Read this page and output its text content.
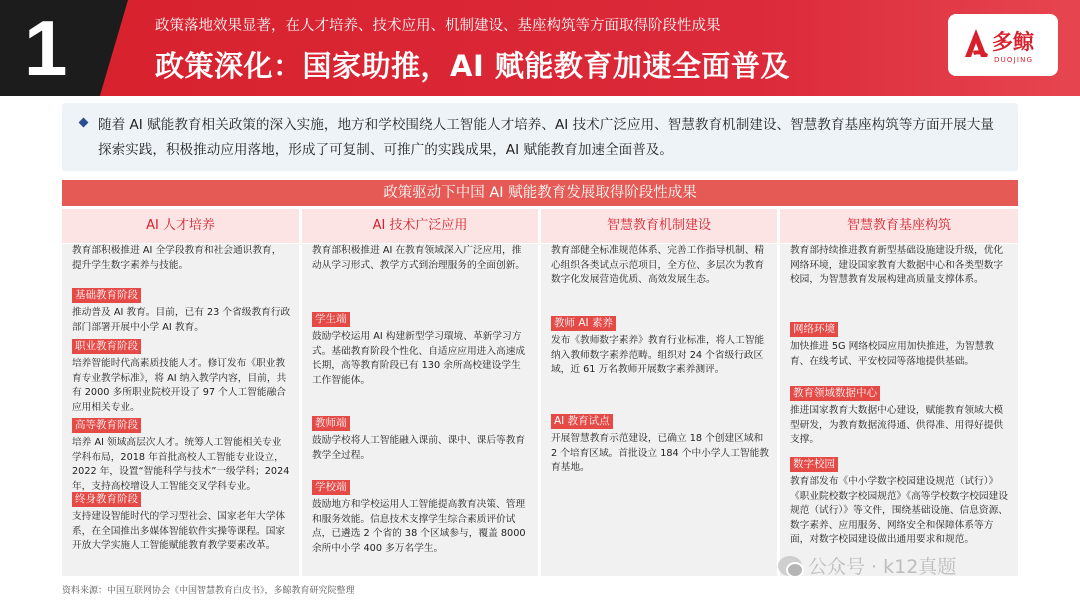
1	政策落地效果显著，在人才培养、技术应用、机制建设、基座构筑等方面取得阶段性成果
政策深化：国家助推，AI 赋能教育加速全面普及
多鲸
DUOJING
随着 AI 赋能教育相关政策的深入实施，地方和学校围绕人工智能人才培养、AI 技术广泛应用、智慧教育机制建设、智慧教育基座构筑等方面开展大量探索实践，积极推动应用落地，形成了可复制、可推广的实践成果，AI 赋能教育加速全面普及。
政策驱动下中国 AI 赋能教育发展取得阶段性成果
AI 人才培养	AI 技术广泛应用	智慧教育机制建设	智慧教育基座构筑

教育部积极推进 AI 全学段教育和社会通识教育，提升学生数字素养与技能。

基础教育阶段

推动普及 AI 教育。目前，已有 23 个省级教育行政部门部署开展中小学 AI 教育。

职业教育阶段

培养智能时代高素质技能人才。修订发布《职业教育专业教学标准》，将 AI 纳入教学内容，目前，共有 2000 多所职业院校开设了 97 个人工智能融合应用相关专业。

高等教育阶段

培养 AI 领域高层次人才。统筹人工智能相关专业学科布局，2018 年首批高校人工智能专业设立，2022 年，设置“智能科学与技术”一级学科；2024 年，支持高校增设人工智能交叉学科专业。

终身教育阶段

支持建设智能时代的学习型社会、国家老年大学体系，在全国推出多媒体智能软件实操等课程。国家开放大学实施人工智能赋能教育教学要素改革。

教育部积极推进 AI 在教育领域深入广泛应用，推动从学习形式、教学方式到治理服务的全面创新。

学生端

鼓励学校运用 AI 构建新型学习環境、革新学习方式。基础教育阶段个性化、自适应应用进入高速成长期，高等教育阶段已有 130 余所高校建设学生工作智能体。

教师端

鼓励学校将人工智能融入课前、课中、课后等教育教学全过程。

学校端

鼓励地方和学校运用人工智能提高教育决策、管理和服务效能。信息技术支撑学生综合素质评价试点，已遴选 2 个省的 38 个区域参与，覆盖 8000 余所中小学 400 多万名学生。

教育部健全标准规范体系、完善工作指导机制、精心组织各类试点示范项目，全方位、多层次为教育数字化发展营造优质、高效发展生态。

教师 AI 素养

发布《教师数字素养》教育行业标准，将人工智能纳入教师数字素养范畴。组织对 24 个省级行政区域，近 61 万名教师开展数字素养测评。

AI 教育试点

开展智慧教育示范建设，已确立 18 个创建区域和 2 个培育区域。首批设立 184 个中小学人工智能教育基地。

教育部持续推进教育新型基础设施建设升级，优化网络环境，建设国家教育大数据中心和各类型数字校园，为智慧教育发展构建高质量支撑体系。

网络环境

加快推进 5G 网络校园应用加快推进，为智慧教育、在线考试、平安校园等落地提供基础。

教育领域数据中心

推进国家教育大数据中心建设，赋能教育领域大模型研发，为教育数据流得通、供得准、用得好提供支撑。

数字校园

教育部发布《中小学数字校园建设规范（试行）》《职业院校数字校园规范》《高等学校数字校园建设规范（试行）》等文件，围绕基础设施、信息资源、数字素养、应用服务、网络安全和保障体系等方面，对数字校园建设做出通用要求和规范。

资料来源：中国互联网协会《中国智慧教育白皮书》，多鲸教育研究院整理
公众号 · k12真题
